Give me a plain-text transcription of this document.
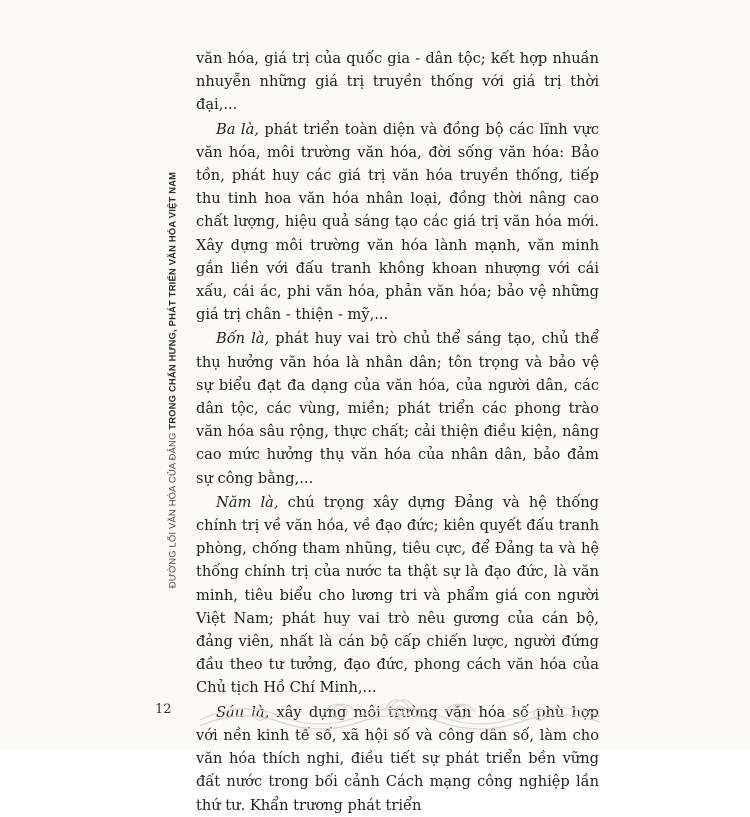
ĐƯỜNG LỐI VĂN HÓA CỦA ĐẢNG TRONG CHẤN HƯNG, PHÁT TRIỂN VĂN HÓA VIỆT NAM

văn hóa, giá trị của quốc gia - dân tộc; kết hợp nhuần nhuyễn những giá trị truyền thống với giá trị thời đại,...

Ba là, phát triển toàn diện và đồng bộ các lĩnh vực văn hóa, môi trường văn hóa, đời sống văn hóa: Bảo tồn, phát huy các giá trị văn hóa truyền thống, tiếp thu tinh hoa văn hóa nhân loại, đồng thời nâng cao chất lượng, hiệu quả sáng tạo các giá trị văn hóa mới. Xây dựng môi trường văn hóa lành mạnh, văn minh gắn liền với đấu tranh không khoan nhượng với cái xấu, cái ác, phi văn hóa, phản văn hóa; bảo vệ những giá trị chân - thiện - mỹ,...

Bốn là, phát huy vai trò chủ thể sáng tạo, chủ thể thụ hưởng văn hóa là nhân dân; tôn trọng và bảo vệ sự biểu đạt đa dạng của văn hóa, của người dân, các dân tộc, các vùng, miền; phát triển các phong trào văn hóa sâu rộng, thực chất; cải thiện điều kiện, nâng cao mức hưởng thụ văn hóa của nhân dân, bảo đảm sự công bằng,...

Năm là, chú trọng xây dựng Đảng và hệ thống chính trị về văn hóa, về đạo đức; kiên quyết đấu tranh phòng, chống tham nhũng, tiêu cực, để Đảng ta và hệ thống chính trị của nước ta thật sự là đạo đức, là văn minh, tiêu biểu cho lương tri và phẩm giá con người Việt Nam; phát huy vai trò nêu gương của cán bộ, đảng viên, nhất là cán bộ cấp chiến lược, người đứng đầu theo tư tưởng, đạo đức, phong cách văn hóa của Chủ tịch Hồ Chí Minh,...

Sáu là, xây dựng môi trường văn hóa số phù hợp với nền kinh tế số, xã hội số và công dân số, làm cho văn hóa thích nghi, điều tiết sự phát triển bền vững đất nước trong bối cảnh Cách mạng công nghiệp lần thứ tư. Khẩn trương phát triển

12
